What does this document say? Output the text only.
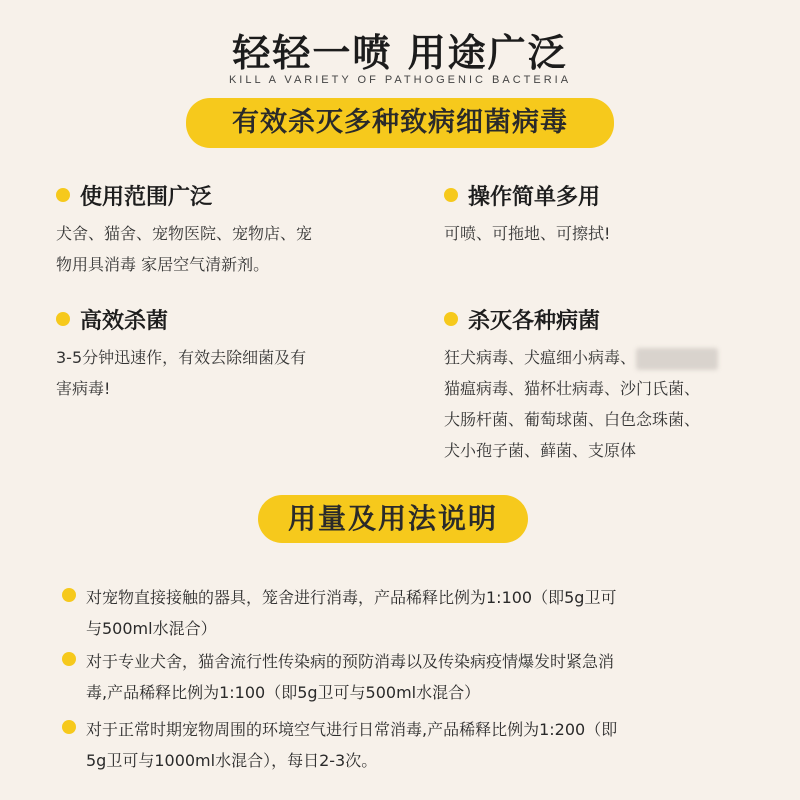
轻轻一喷 用途广泛
KILL A VARIETY OF PATHOGENIC BACTERIA
有效杀灭多种致病细菌病毒
使用范围广泛
犬舍、猫舍、宠物医院、宠物店、宠
物用具消毒 家居空气清新剂。
操作简单多用
可喷、可拖地、可擦拭!
高效杀菌
3-5分钟迅速作，有效去除细菌及有
害病毒!
杀灭各种病菌
狂犬病毒、犬瘟细小病毒、
猫瘟病毒、猫杯壮病毒、沙门氏菌、
大肠杆菌、葡萄球菌、白色念珠菌、
犬小孢子菌、藓菌、支原体
用量及用法说明
对宠物直接接触的器具，笼舍进行消毒，产品稀释比例为1:100（即5g卫可
与500ml水混合）
对于专业犬舍，猫舍流行性传染病的预防消毒以及传染病疫情爆发时紧急消
毒,产品稀释比例为1:100（即5g卫可与500ml水混合）
对于正常时期宠物周围的环境空气进行日常消毒,产品稀释比例为1:200（即
5g卫可与1000ml水混合），每日2-3次。
